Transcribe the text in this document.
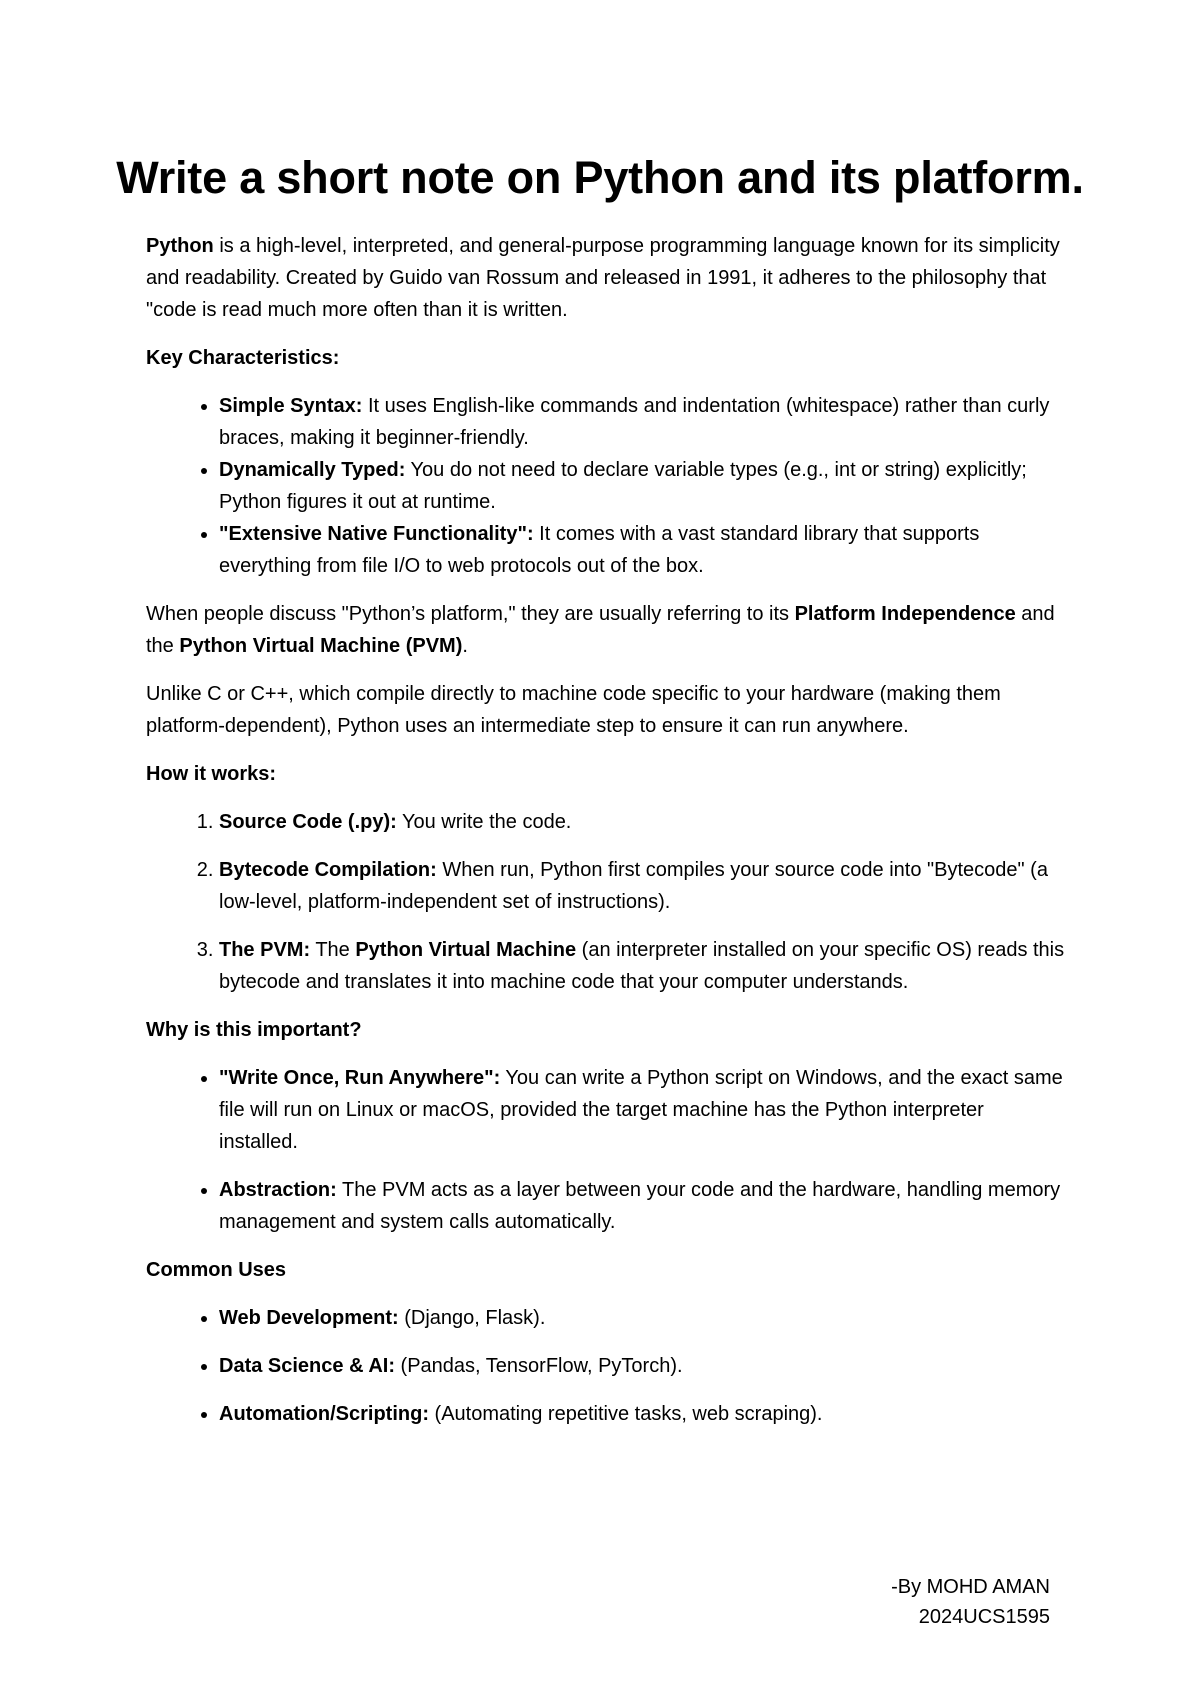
Write a short note on Python and its platform.

Python is a high-level, interpreted, and general-purpose programming language known for its simplicity and readability. Created by Guido van Rossum and released in 1991, it adheres to the philosophy that "code is read much more often than it is written.

Key Characteristics:

• Simple Syntax: It uses English-like commands and indentation (whitespace) rather than curly braces, making it beginner-friendly.
• Dynamically Typed: You do not need to declare variable types (e.g., int or string) explicitly; Python figures it out at runtime.
• "Extensive Native Functionality": It comes with a vast standard library that supports everything from file I/O to web protocols out of the box.

When people discuss "Python’s platform," they are usually referring to its Platform Independence and the Python Virtual Machine (PVM).

Unlike C or C++, which compile directly to machine code specific to your hardware (making them platform-dependent), Python uses an intermediate step to ensure it can run anywhere.

How it works:

1. Source Code (.py): You write the code.
2. Bytecode Compilation: When run, Python first compiles your source code into "Bytecode" (a low-level, platform-independent set of instructions).
3. The PVM: The Python Virtual Machine (an interpreter installed on your specific OS) reads this bytecode and translates it into machine code that your computer understands.

Why is this important?

• "Write Once, Run Anywhere": You can write a Python script on Windows, and the exact same file will run on Linux or macOS, provided the target machine has the Python interpreter installed.
• Abstraction: The PVM acts as a layer between your code and the hardware, handling memory management and system calls automatically.

Common Uses

• Web Development: (Django, Flask).
• Data Science & AI: (Pandas, TensorFlow, PyTorch).
• Automation/Scripting: (Automating repetitive tasks, web scraping).
-By MOHD AMAN
2024UCS1595
